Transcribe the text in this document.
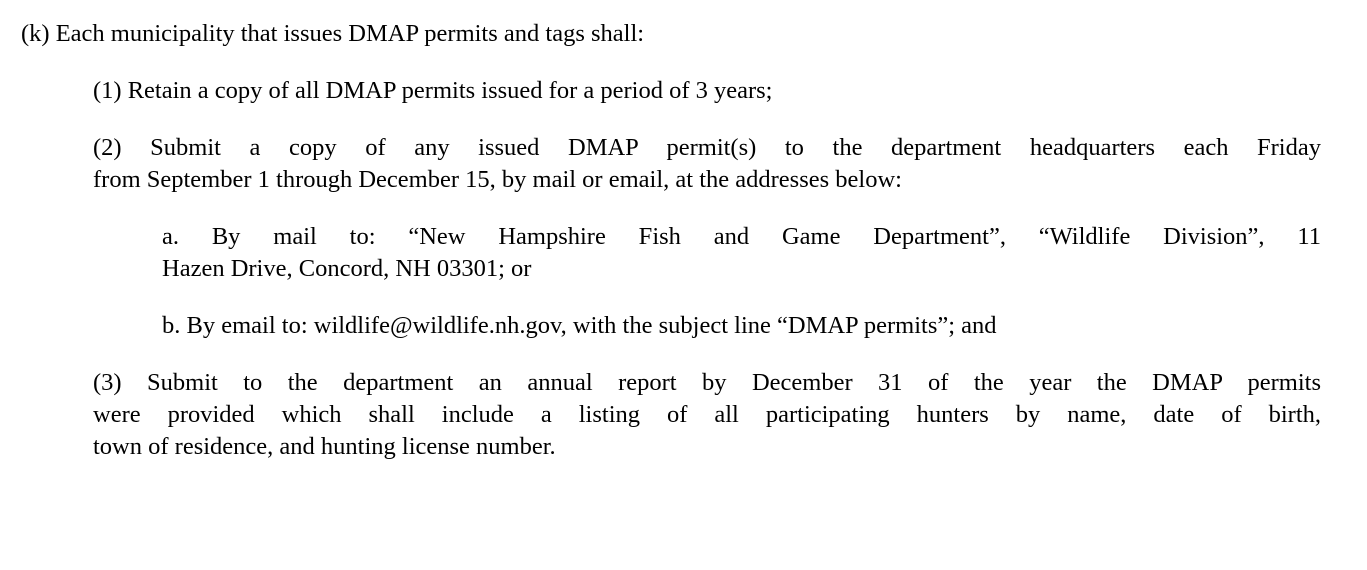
(k) Each municipality that issues DMAP permits and tags shall:

(1) Retain a copy of all DMAP permits issued for a period of 3 years;

(2) Submit a copy of any issued DMAP permit(s) to the department headquarters each Friday
from September 1 through December 15, by mail or email, at the addresses below:

a. By mail to: “New Hampshire Fish and Game Department”, “Wildlife Division”, 11
Hazen Drive, Concord, NH 03301; or

b. By email to: wildlife@wildlife.nh.gov, with the subject line “DMAP permits”; and

(3) Submit to the department an annual report by December 31 of the year the DMAP permits
were provided which shall include a listing of all participating hunters by name, date of birth,
town of residence, and hunting license number.
